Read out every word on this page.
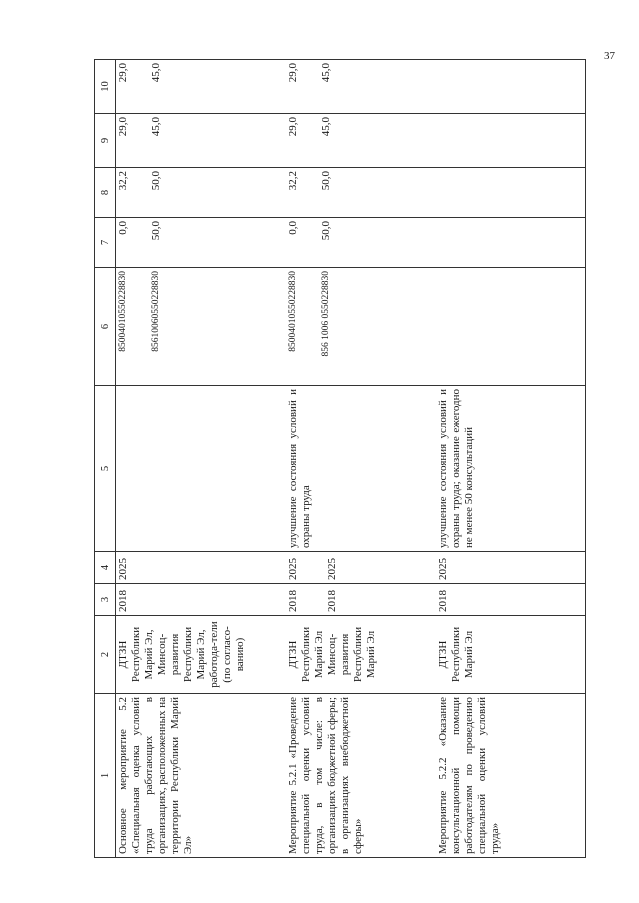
37
1	2	3	4	5	6	7	8	9	10
Основное мероприятие 5.2 «Специальная оценка условий труда работающих в организациях, расположенных на территории Республики Марий Эл»	ДТЗН Республики Марий Эл, Минсоц-развития Республики Марий Эл, работода-тели (по согласо-ванию)	2018	2025		85004010550228830 85610060550228830	0,0 50,0	32,2 50,0	29,0 45,0	29,0 45,0

Мероприятие 5.2.1 «Проведение специальной оценки условий труда, в том числе: в организациях бюджетной сферы; в организациях внебюджетной сферы»	ДТЗН Республики Марий Эл Минсоц-развития Республики Марий Эл	2018 2018	2025 2025	улучшение состояния условий и охраны труда	85004010550228830 856 1006 0550228830	0,0 50,0	32,2 50,0	29,0 45,0	29,0 45,0

Мероприятие 5.2.2 «Оказание консультационной помощи работодателям по проведению специальной оценки условий труда»	ДТЗН Республики Марий Эл	2018	2025	улучшение состояния условий и охраны труда; оказание ежегодно не менее 50 консультаций					
